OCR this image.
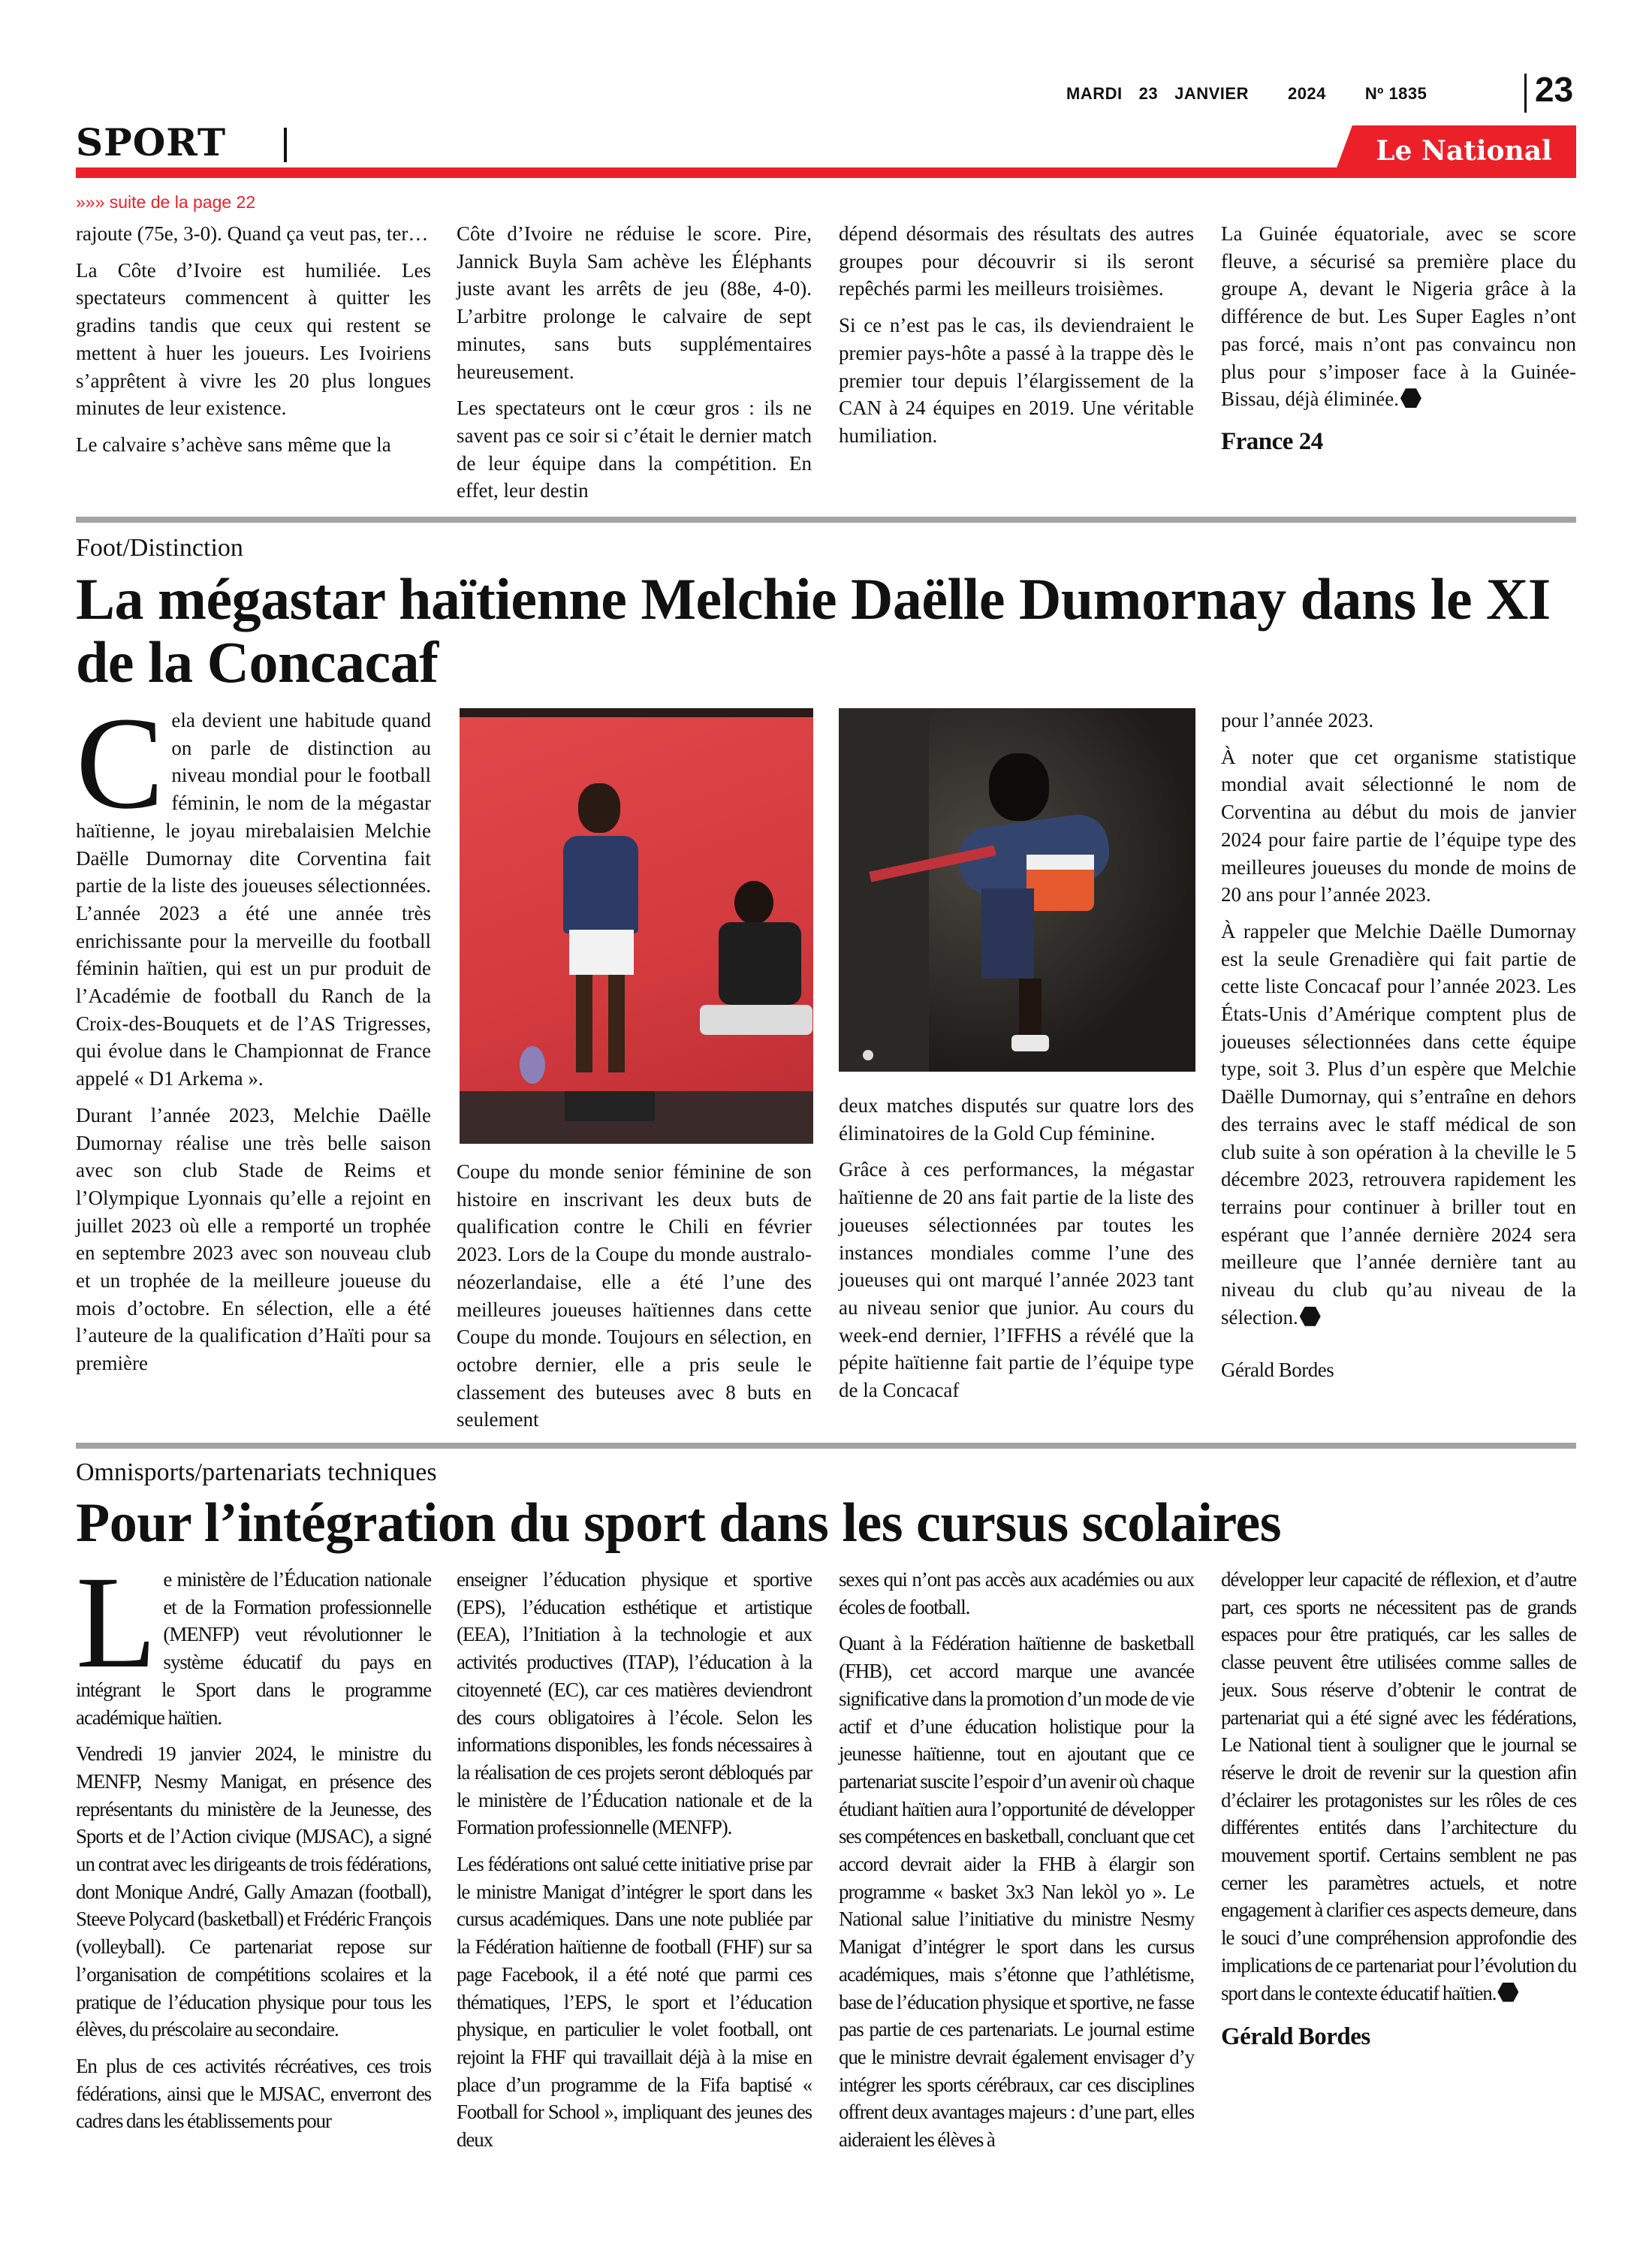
MARDI 23 JANVIER 2024 Nº 1835	23
SPORT	Le National
»»» suite de la page 22

rajoute (75e, 3-0). Quand ça veut pas, ter…

La Côte d’Ivoire est humiliée. Les spectateurs commencent à quitter les gradins tandis que ceux qui restent se mettent à huer les joueurs. Les Ivoiriens s’apprêtent à vivre les 20 plus longues minutes de leur existence.

Le calvaire s’achève sans même que la

Côte d’Ivoire ne réduise le score. Pire, Jannick Buyla Sam achève les Éléphants juste avant les arrêts de jeu (88e, 4-0). L’arbitre prolonge le calvaire de sept minutes, sans buts supplémentaires heureusement.

Les spectateurs ont le cœur gros : ils ne savent pas ce soir si c’était le dernier match de leur équipe dans la compétition. En effet, leur destin

dépend désormais des résultats des autres groupes pour découvrir si ils seront repêchés parmi les meilleurs troisièmes.

Si ce n’est pas le cas, ils deviendraient le premier pays-hôte a passé à la trappe dès le premier tour depuis l’élargissement de la CAN à 24 équipes en 2019. Une véritable humiliation.

La Guinée équatoriale, avec se score fleuve, a sécurisé sa première place du groupe A, devant le Nigeria grâce à la différence de but. Les Super Eagles n’ont pas forcé, mais n’ont pas convaincu non plus pour s’imposer face à la Guinée-Bissau, déjà éliminée.

France 24
Foot/Distinction
La mégastar haïtienne Melchie Daëlle Dumornay dans le XI de la Concacaf

Cela devient une habitude quand on parle de distinction au niveau mondial pour le football féminin, le nom de la mégastar haïtienne, le joyau mirebalaisien Melchie Daëlle Dumornay dite Corventina fait partie de la liste des joueuses sélectionnées. L’année 2023 a été une année très enrichissante pour la merveille du football féminin haïtien, qui est un pur produit de l’Académie de football du Ranch de la Croix-des-Bouquets et de l’AS Trigresses, qui évolue dans le Championnat de France appelé « D1 Arkema ».

Durant l’année 2023, Melchie Daëlle Dumornay réalise une très belle saison avec son club Stade de Reims et l’Olympique Lyonnais qu’elle a rejoint en juillet 2023 où elle a remporté un trophée en septembre 2023 avec son nouveau club et un trophée de la meilleure joueuse du mois d’octobre. En sélection, elle a été l’auteure de la qualification d’Haïti pour sa première

Coupe du monde senior féminine de son histoire en inscrivant les deux buts de qualification contre le Chili en février 2023. Lors de la Coupe du monde australo-néozerlandaise, elle a été l’une des meilleures joueuses haïtiennes dans cette Coupe du monde. Toujours en sélection, en octobre dernier, elle a pris seule le classement des buteuses avec 8 buts en seulement

deux matches disputés sur quatre lors des éliminatoires de la Gold Cup féminine.

Grâce à ces performances, la mégastar haïtienne de 20 ans fait partie de la liste des joueuses sélectionnées par toutes les instances mondiales comme l’une des joueuses qui ont marqué l’année 2023 tant au niveau senior que junior. Au cours du week-end dernier, l’IFFHS a révélé que la pépite haïtienne fait partie de l’équipe type de la Concacaf

pour l’année 2023.

À noter que cet organisme statistique mondial avait sélectionné le nom de Corventina au début du mois de janvier 2024 pour faire partie de l’équipe type des meilleures joueuses du monde de moins de 20 ans pour l’année 2023.

À rappeler que Melchie Daëlle Dumornay est la seule Grenadière qui fait partie de cette liste Concacaf pour l’année 2023. Les États-Unis d’Amérique comptent plus de joueuses sélectionnées dans cette équipe type, soit 3. Plus d’un espère que Melchie Daëlle Dumornay, qui s’entraîne en dehors des terrains avec le staff médical de son club suite à son opération à la cheville le 5 décembre 2023, retrouvera rapidement les terrains pour continuer à briller tout en espérant que l’année dernière 2024 sera meilleure que l’année dernière tant au niveau du club qu’au niveau de la sélection.

Gérald Bordes
Omnisports/partenariats techniques
Pour l’intégration du sport dans les cursus scolaires

Le ministère de l’Éducation nationale et de la Formation professionnelle (MENFP) veut révolutionner le système éducatif du pays en intégrant le Sport dans le programme académique haïtien.

Vendredi 19 janvier 2024, le ministre du MENFP, Nesmy Manigat, en présence des représentants du ministère de la Jeunesse, des Sports et de l’Action civique (MJSAC), a signé un contrat avec les dirigeants de trois fédérations, dont Monique André, Gally Amazan (football), Steeve Polycard (basketball) et Frédéric François (volleyball). Ce partenariat repose sur l’organisation de compétitions scolaires et la pratique de l’éducation physique pour tous les élèves, du préscolaire au secondaire.

En plus de ces activités récréatives, ces trois fédérations, ainsi que le MJSAC, enverront des cadres dans les établissements pour

enseigner l’éducation physique et sportive (EPS), l’éducation esthétique et artistique (EEA), l’Initiation à la technologie et aux activités productives (ITAP), l’éducation à la citoyenneté (EC), car ces matières deviendront des cours obligatoires à l’école. Selon les informations disponibles, les fonds nécessaires à la réalisation de ces projets seront débloqués par le ministère de l’Éducation nationale et de la Formation professionnelle (MENFP).

Les fédérations ont salué cette initiative prise par le ministre Manigat d’intégrer le sport dans les cursus académiques. Dans une note publiée par la Fédération haïtienne de football (FHF) sur sa page Facebook, il a été noté que parmi ces thématiques, l’EPS, le sport et l’éducation physique, en particulier le volet football, ont rejoint la FHF qui travaillait déjà à la mise en place d’un programme de la Fifa baptisé « Football for School », impliquant des jeunes des deux

sexes qui n’ont pas accès aux académies ou aux écoles de football.

Quant à la Fédération haïtienne de basketball (FHB), cet accord marque une avancée significative dans la promotion d’un mode de vie actif et d’une éducation holistique pour la jeunesse haïtienne, tout en ajoutant que ce partenariat suscite l’espoir d’un avenir où chaque étudiant haïtien aura l’opportunité de développer ses compétences en basketball, concluant que cet accord devrait aider la FHB à élargir son programme « basket 3x3 Nan lekòl yo ». Le National salue l’initiative du ministre Nesmy Manigat d’intégrer le sport dans les cursus académiques, mais s’étonne que l’athlétisme, base de l’éducation physique et sportive, ne fasse pas partie de ces partenariats. Le journal estime que le ministre devrait également envisager d’y intégrer les sports cérébraux, car ces disciplines offrent deux avantages majeurs : d’une part, elles aideraient les élèves à

développer leur capacité de réflexion, et d’autre part, ces sports ne nécessitent pas de grands espaces pour être pratiqués, car les salles de classe peuvent être utilisées comme salles de jeux. Sous réserve d’obtenir le contrat de partenariat qui a été signé avec les fédérations, Le National tient à souligner que le journal se réserve le droit de revenir sur la question afin d’éclairer les protagonistes sur les rôles de ces différentes entités dans l’architecture du mouvement sportif. Certains semblent ne pas cerner les paramètres actuels, et notre engagement à clarifier ces aspects demeure, dans le souci d’une compréhension approfondie des implications de ce partenariat pour l’évolution du sport dans le contexte éducatif haïtien.

Gérald Bordes
